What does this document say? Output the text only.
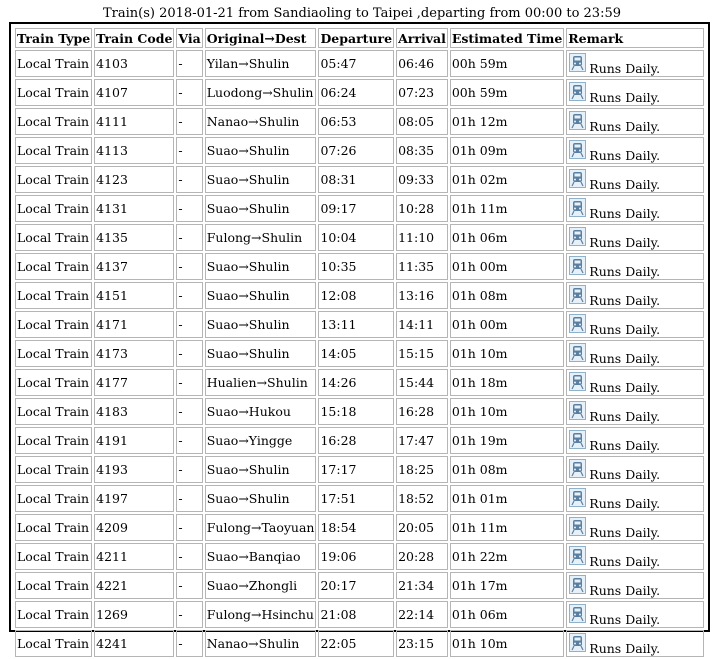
Train(s) 2018-01-21 from Sandiaoling to Taipei ,departing from 00:00 to 23:59
Train Type	Train Code	Via	Original→Dest	Departure	Arrival	Estimated Time	Remark
Local Train	4103	-	Yilan→Shulin	05:47	06:46	00h 59m	Runs Daily.
Local Train	4107	-	Luodong→Shulin	06:24	07:23	00h 59m	Runs Daily.
Local Train	4111	-	Nanao→Shulin	06:53	08:05	01h 12m	Runs Daily.
Local Train	4113	-	Suao→Shulin	07:26	08:35	01h 09m	Runs Daily.
Local Train	4123	-	Suao→Shulin	08:31	09:33	01h 02m	Runs Daily.
Local Train	4131	-	Suao→Shulin	09:17	10:28	01h 11m	Runs Daily.
Local Train	4135	-	Fulong→Shulin	10:04	11:10	01h 06m	Runs Daily.
Local Train	4137	-	Suao→Shulin	10:35	11:35	01h 00m	Runs Daily.
Local Train	4151	-	Suao→Shulin	12:08	13:16	01h 08m	Runs Daily.
Local Train	4171	-	Suao→Shulin	13:11	14:11	01h 00m	Runs Daily.
Local Train	4173	-	Suao→Shulin	14:05	15:15	01h 10m	Runs Daily.
Local Train	4177	-	Hualien→Shulin	14:26	15:44	01h 18m	Runs Daily.
Local Train	4183	-	Suao→Hukou	15:18	16:28	01h 10m	Runs Daily.
Local Train	4191	-	Suao→Yingge	16:28	17:47	01h 19m	Runs Daily.
Local Train	4193	-	Suao→Shulin	17:17	18:25	01h 08m	Runs Daily.
Local Train	4197	-	Suao→Shulin	17:51	18:52	01h 01m	Runs Daily.
Local Train	4209	-	Fulong→Taoyuan	18:54	20:05	01h 11m	Runs Daily.
Local Train	4211	-	Suao→Banqiao	19:06	20:28	01h 22m	Runs Daily.
Local Train	4221	-	Suao→Zhongli	20:17	21:34	01h 17m	Runs Daily.
Local Train	1269	-	Fulong→Hsinchu	21:08	22:14	01h 06m	Runs Daily.
Local Train	4241	-	Nanao→Shulin	22:05	23:15	01h 10m	Runs Daily.
